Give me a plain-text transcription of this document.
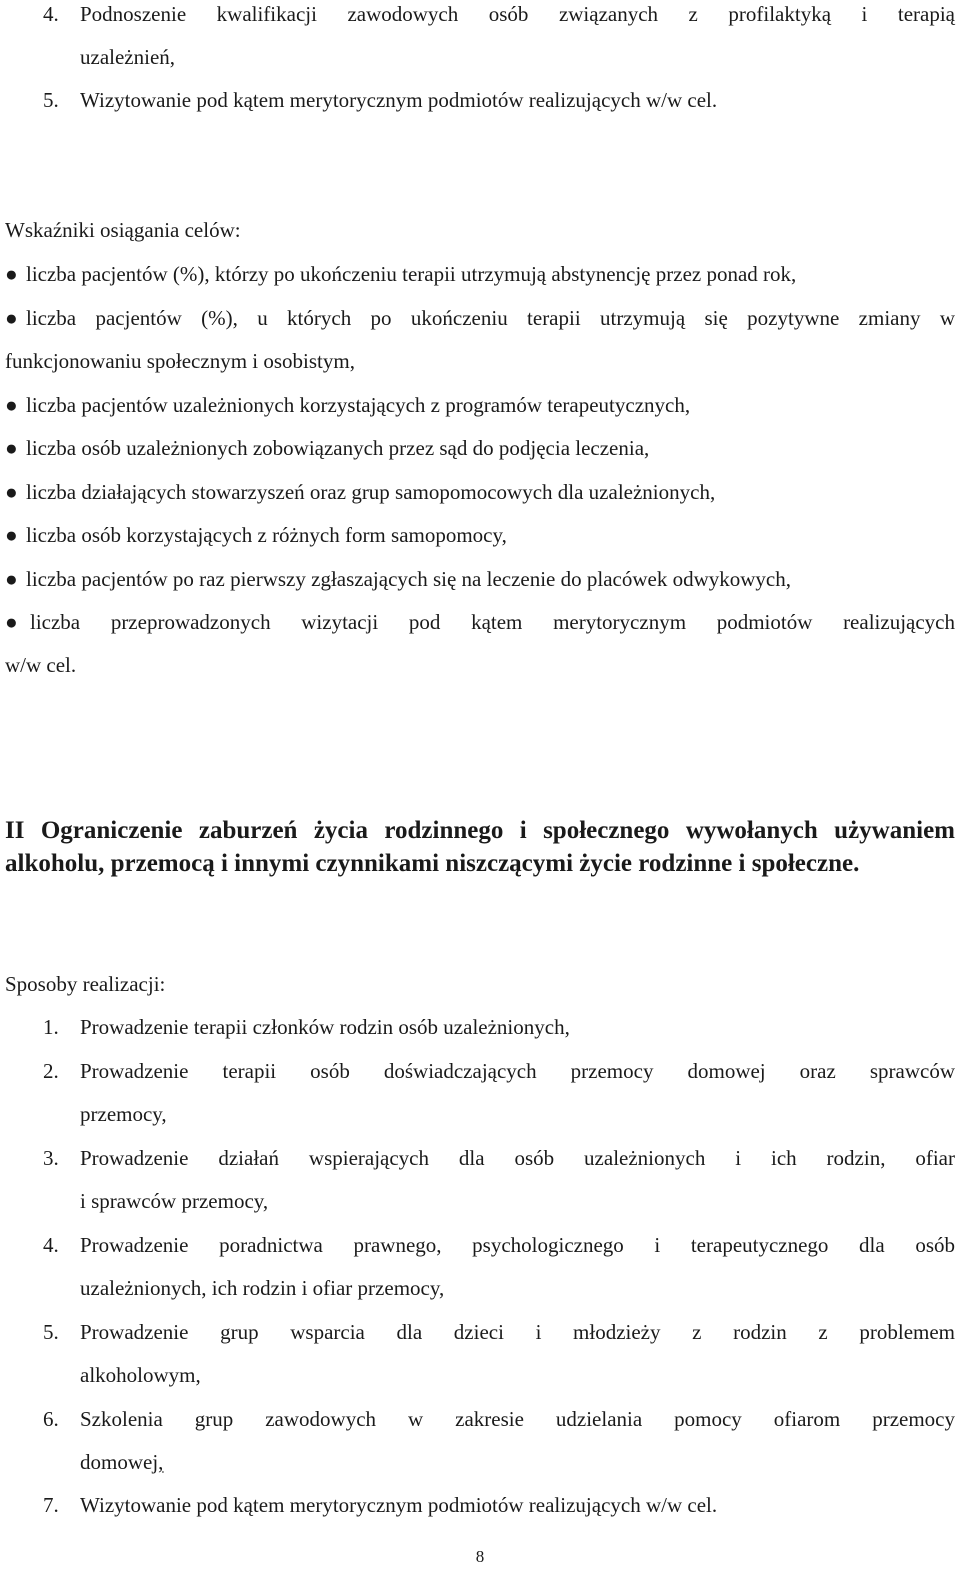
4. Podnoszenie kwalifikacji zawodowych osób związanych z profilaktyką i terapią
uzależnień,
5. Wizytowanie pod kątem merytorycznym podmiotów realizujących w/w cel.
Wskaźniki osiągania celów:
● liczba pacjentów (%), którzy po ukończeniu terapii utrzymują abstynencję przez ponad rok,
● liczba pacjentów (%), u których po ukończeniu terapii utrzymują się pozytywne zmiany w
funkcjonowaniu społecznym i osobistym,
● liczba pacjentów uzależnionych korzystających z programów terapeutycznych,
● liczba osób uzależnionych zobowiązanych przez sąd do podjęcia leczenia,
● liczba działających stowarzyszeń oraz grup samopomocowych dla uzależnionych,
● liczba osób korzystających z różnych form samopomocy,
● liczba pacjentów po raz pierwszy zgłaszających się na leczenie do placówek odwykowych,
● liczba przeprowadzonych wizytacji pod kątem merytorycznym podmiotów realizujących
w/w cel.
II Ograniczenie zaburzeń życia rodzinnego i społecznego wywołanych używaniem alkoholu, przemocą i innymi czynnikami niszczącymi życie rodzinne i społeczne.
Sposoby realizacji:
1. Prowadzenie terapii członków rodzin osób uzależnionych,
2. Prowadzenie terapii osób doświadczających przemocy domowej oraz sprawców
przemocy,
3. Prowadzenie działań wspierających dla osób uzależnionych i ich rodzin, ofiar
i sprawców przemocy,
4. Prowadzenie poradnictwa prawnego, psychologicznego i terapeutycznego dla osób
uzależnionych, ich rodzin i ofiar przemocy,
5. Prowadzenie grup wsparcia dla dzieci i młodzieży z rodzin z problemem
alkoholowym,
6. Szkolenia grup zawodowych w zakresie udzielania pomocy ofiarom przemocy
domowej,
7. Wizytowanie pod kątem merytorycznym podmiotów realizujących w/w cel.
8
